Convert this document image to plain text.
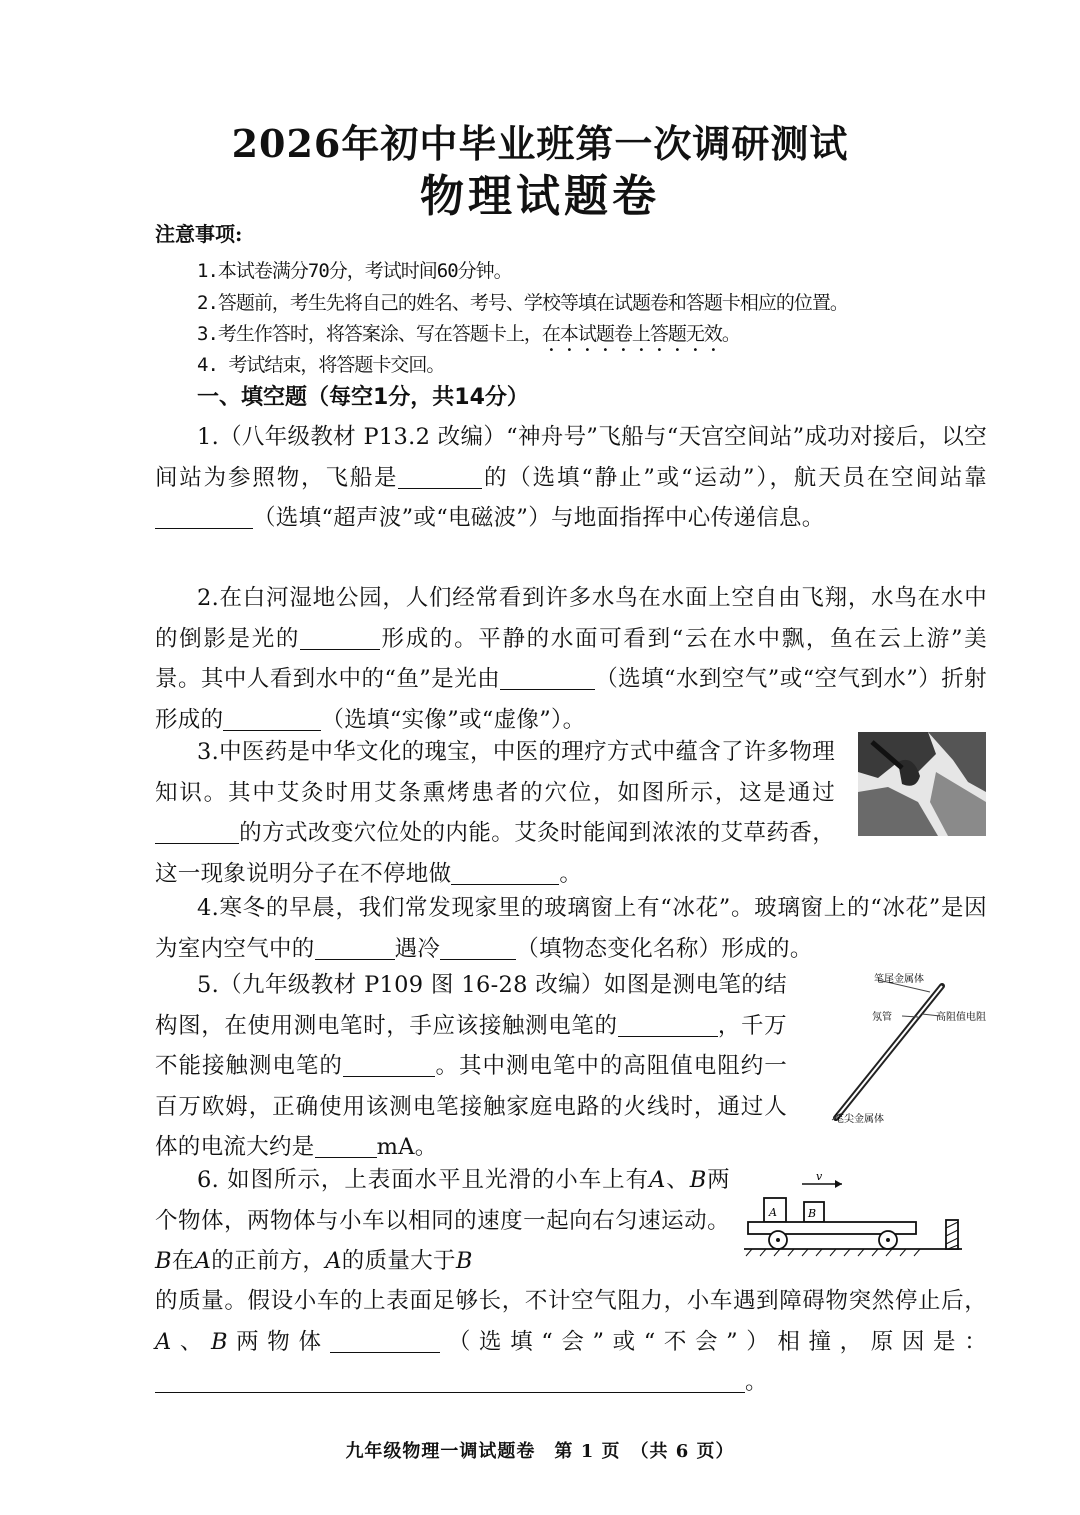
2026年初中毕业班第一次调研测试
物理试题卷
注意事项:
1.本试卷满分70分，考试时间60分钟。
2.答题前，考生先将自己的姓名、考号、学校等填在试题卷和答题卡相应的位置。
3.考生作答时，将答案涂、写在答题卡上，在本试题卷上答题无效。
4. 考试结束，将答题卡交回。
一、填空题（每空1分，共14分）
1.（八年级教材 P13.2 改编）“神舟号”飞船与“天宫空间站”成功对接后，以空间站为参照物，飞船是	的（选填“静止”或“运动”），航天员在空间站靠（选填“超声波”或“电磁波”）与地面指挥中心传递信息。
2.在白河湿地公园，人们经常看到许多水鸟在水面上空自由飞翔，水鸟在水中的倒影是光的	形成的。平静的水面可看到“云在水中飘，鱼在云上游”美景。其中人看到水中的“鱼”是光由	（选填“水到空气”或“空气到水”）折射形成的	（选填“实像”或“虚像”）。
3.中医药是中华文化的瑰宝，中医的理疗方式中蕴含了许多物理知识。其中艾灸时用艾条熏烤患者的穴位，如图所示，这是通过的方式改变穴位处的内能。艾灸时能闻到浓浓的艾草药香，这一现象说明分子在不停地做	。
4.寒冬的早晨，我们常发现家里的玻璃窗上有“冰花”。玻璃窗上的“冰花”是因为室内空气中的	遇冷	（填物态变化名称）形成的。
5.（九年级教材 P109 图 16-28 改编）如图是测电笔的结构图，在使用测电笔时，手应该接触测电笔的	，千万不能接触测电笔的	。其中测电笔中的高阻值电阻约一百万欧姆，正确使用该测电笔接触家庭电路的火线时，通过人体的电流大约是	mA。
笔尾金属体
氖管	高阻值电阻
笔尖金属体
6. 如图所示，上表面水平且光滑的小车上有A、B两个物体，两物体与小车以相同的速度一起向右匀速运动。B在A的正前方，A的质量大于B
的质量。假设小车的上表面足够长，不计空气阻力，小车遇到障碍物突然停止后，A、B两物体	（选填“会”或“不会”）相撞，原因是：。
v
A	B
九年级物理一调试题卷　第 1 页　（共 6 页）
